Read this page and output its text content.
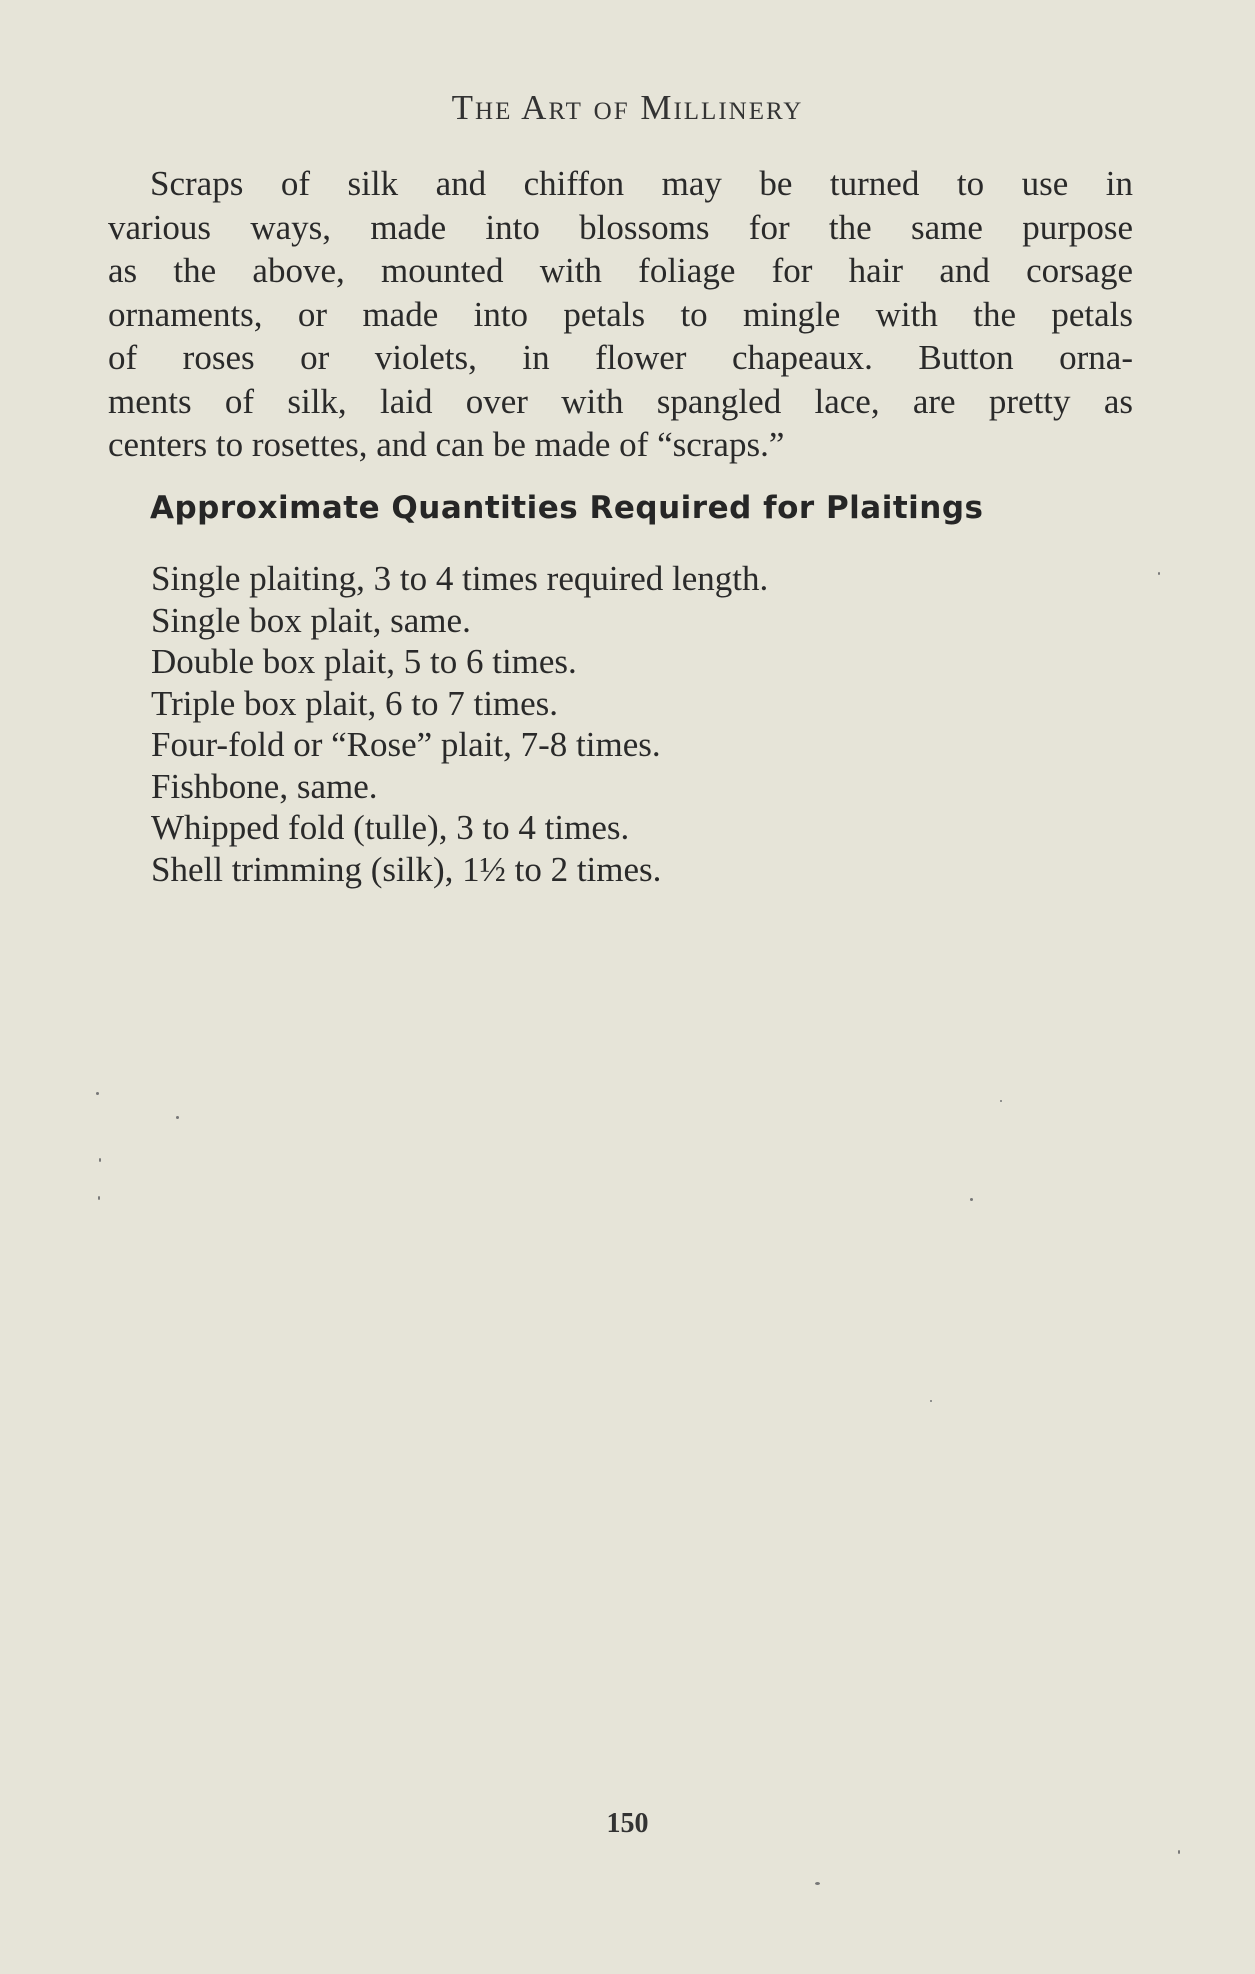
The Art of Millinery
Scraps of silk and chiffon may be turned to use in
various ways, made into blossoms for the same purpose
as the above, mounted with foliage for hair and corsage
ornaments, or made into petals to mingle with the petals
of roses or violets, in flower chapeaux. Button orna-
ments of silk, laid over with spangled lace, are pretty as
centers to rosettes, and can be made of “scraps.”
Approximate Quantities Required for Plaitings
Single plaiting, 3 to 4 times required length.
Single box plait, same.
Double box plait, 5 to 6 times.
Triple box plait, 6 to 7 times.
Four-fold or “Rose” plait, 7-8 times.
Fishbone, same.
Whipped fold (tulle), 3 to 4 times.
Shell trimming (silk), 1½ to 2 times.
150
